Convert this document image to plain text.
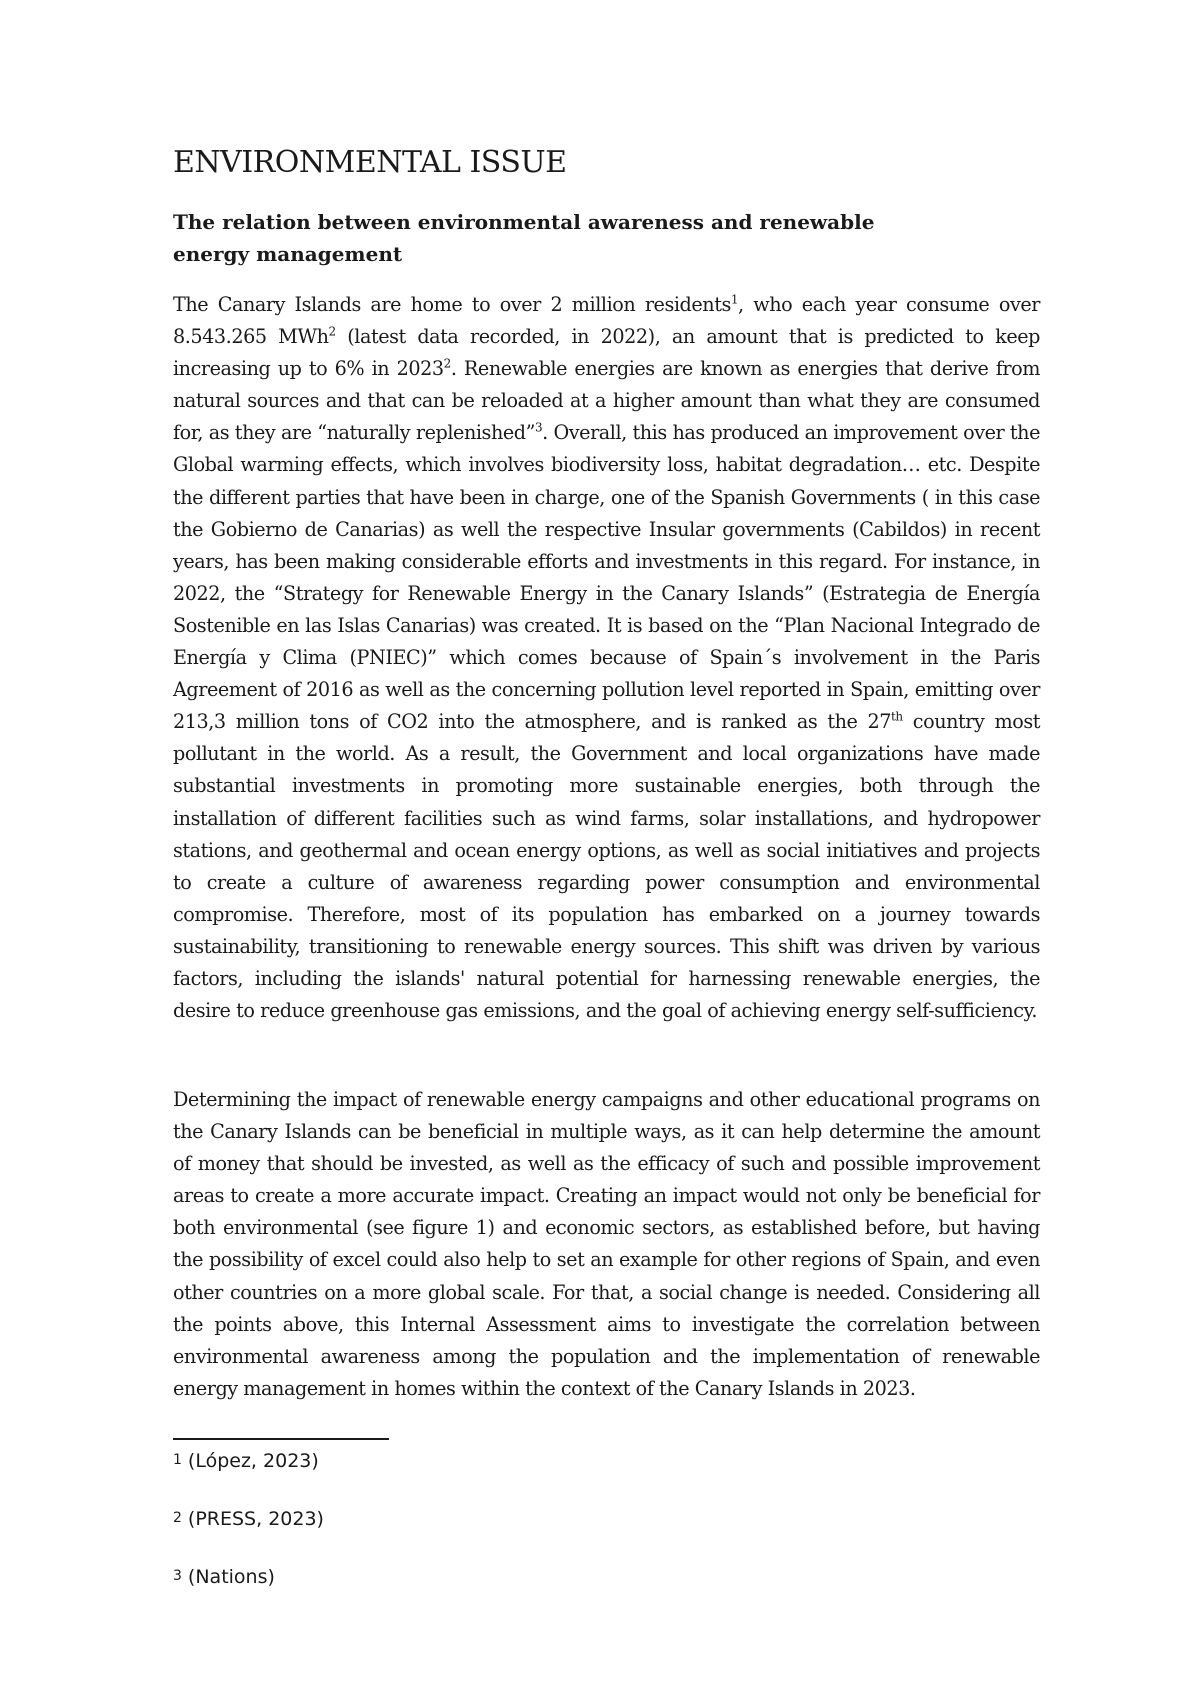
ENVIRONMENTAL ISSUE
The relation between environmental awareness and renewable energy management

The Canary Islands are home to over 2 million residents$^1$, who each year consume over 8.543.265 MWh$^2$ (latest data recorded, in 2022), an amount that is predicted to keep increasing up to 6% in 2023$^2$. Renewable energies are known as energies that derive from natural sources and that can be reloaded at a higher amount than what they are consumed for, as they are “naturally replenished”$^3$. Overall, this has produced an improvement over the Global warming effects, which involves biodiversity loss, habitat degradation… etc. Despite the different parties that have been in charge, one of the Spanish Governments ( in this case the Gobierno de Canarias) as well the respective Insular governments (Cabildos) in recent years, has been making considerable efforts and investments in this regard. For instance, in 2022, the “Strategy for Renewable Energy in the Canary Islands” (Estrategia de Energía Sostenible en las Islas Canarias) was created. It is based on the “Plan Nacional Integrado de Energía y Clima (PNIEC)” which comes because of Spain´s involvement in the Paris Agreement of 2016 as well as the concerning pollution level reported in Spain, emitting over 213,3 million tons of CO2 into the atmosphere, and is ranked as the 27th country most pollutant in the world. As a result, the Government and local organizations have made substantial investments in promoting more sustainable energies, both through the installation of different facilities such as wind farms, solar installations, and hydropower stations, and geothermal and ocean energy options, as well as social initiatives and projects to create a culture of awareness regarding power consumption and environmental compromise. Therefore, most of its population has embarked on a journey towards sustainability, transitioning to renewable energy sources. This shift was driven by various factors, including the islands' natural potential for harnessing renewable energies, the desire to reduce greenhouse gas emissions, and the goal of achieving energy self-sufficiency.

Determining the impact of renewable energy campaigns and other educational programs on the Canary Islands can be beneficial in multiple ways, as it can help determine the amount of money that should be invested, as well as the efficacy of such and possible improvement areas to create a more accurate impact. Creating an impact would not only be beneficial for both environmental (see figure 1) and economic sectors, as established before, but having the possibility of excel could also help to set an example for other regions of Spain, and even other countries on a more global scale. For that, a social change is needed. Considering all the points above, this Internal Assessment aims to investigate the correlation between environmental awareness among the population and the implementation of renewable energy management in homes within the context of the Canary Islands in 2023.

1 (López, 2023)
2 (PRESS, 2023)
3 (Nations)
